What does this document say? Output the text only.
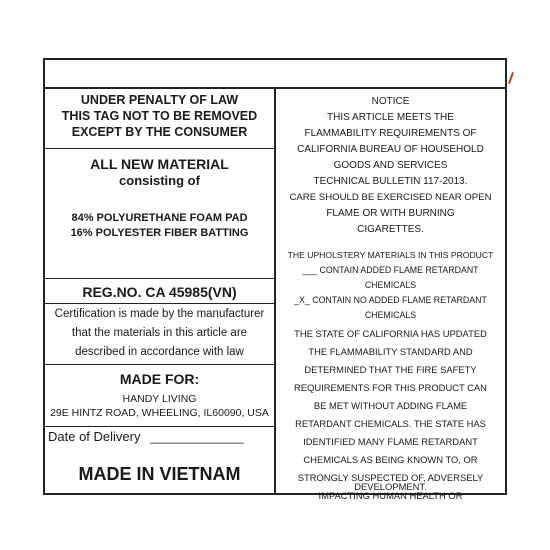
UNDER PENALTY OF LAW
THIS TAG NOT TO BE REMOVED
EXCEPT BY THE CONSUMER
ALL NEW MATERIAL
consisting of
84% POLYURETHANE FOAM PAD
16% POLYESTER FIBER BATTING
REG.NO. CA 45985(VN)
Certification is made by the manufacturer
that the materials in this article are
described in accordance with law
MADE FOR:
HANDY LIVING
29E HINTZ ROAD, WHEELING, IL60090, USA
Date of Delivery ______________
MADE IN VIETNAM
NOTICE
THIS ARTICLE MEETS THE
FLAMMABILITY REQUIREMENTS OF
CALIFORNIA BUREAU OF HOUSEHOLD
GOODS AND SERVICES
TECHNICAL BULLETIN 117-2013.
CARE SHOULD BE EXERCISED NEAR OPEN
FLAME OR WITH BURNING
CIGARETTES.
THE UPHOLSTERY MATERIALS IN THIS PRODUCT
___ CONTAIN ADDED FLAME RETARDANT
CHEMICALS
_X_ CONTAIN NO ADDED FLAME RETARDANT
CHEMICALS
THE STATE OF CALIFORNIA HAS UPDATED
THE FLAMMABILITY STANDARD AND
DETERMINED THAT THE FIRE SAFETY
REQUIREMENTS FOR THIS PRODUCT CAN
BE MET WITHOUT ADDING FLAME
RETARDANT CHEMICALS. THE STATE HAS
IDENTIFIED MANY FLAME RETARDANT
CHEMICALS AS BEING KNOWN TO, OR
STRONGLY SUSPECTED OF, ADVERSELY
IMPACTING HUMAN HEALTH OR
DEVELOPMENT.
